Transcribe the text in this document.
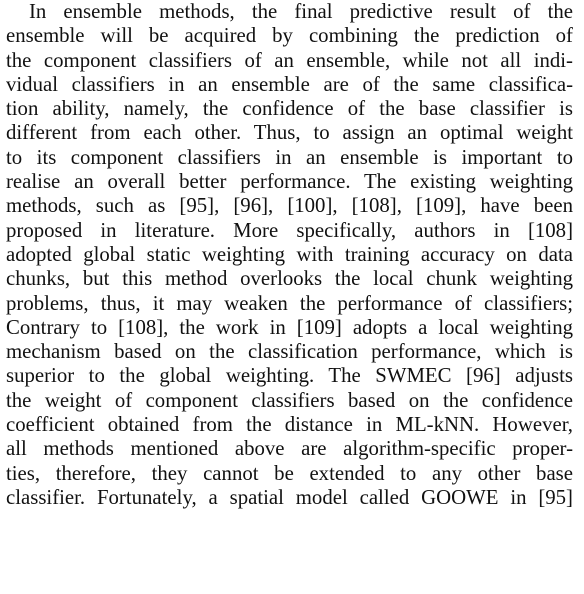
In ensemble methods, the final predictive result of the
ensemble will be acquired by combining the prediction of
the component classifiers of an ensemble, while not all indi-
vidual classifiers in an ensemble are of the same classifica-
tion ability, namely, the confidence of the base classifier is
different from each other. Thus, to assign an optimal weight
to its component classifiers in an ensemble is important to
realise an overall better performance. The existing weighting
methods, such as [95], [96], [100], [108], [109], have been
proposed in literature. More specifically, authors in [108]
adopted global static weighting with training accuracy on data
chunks, but this method overlooks the local chunk weighting
problems, thus, it may weaken the performance of classifiers;
Contrary to [108], the work in [109] adopts a local weighting
mechanism based on the classification performance, which is
superior to the global weighting. The SWMEC [96] adjusts
the weight of component classifiers based on the confidence
coefficient obtained from the distance in ML-kNN. However,
all methods mentioned above are algorithm-specific proper-
ties, therefore, they cannot be extended to any other base
classifier. Fortunately, a spatial model called GOOWE in [95]
